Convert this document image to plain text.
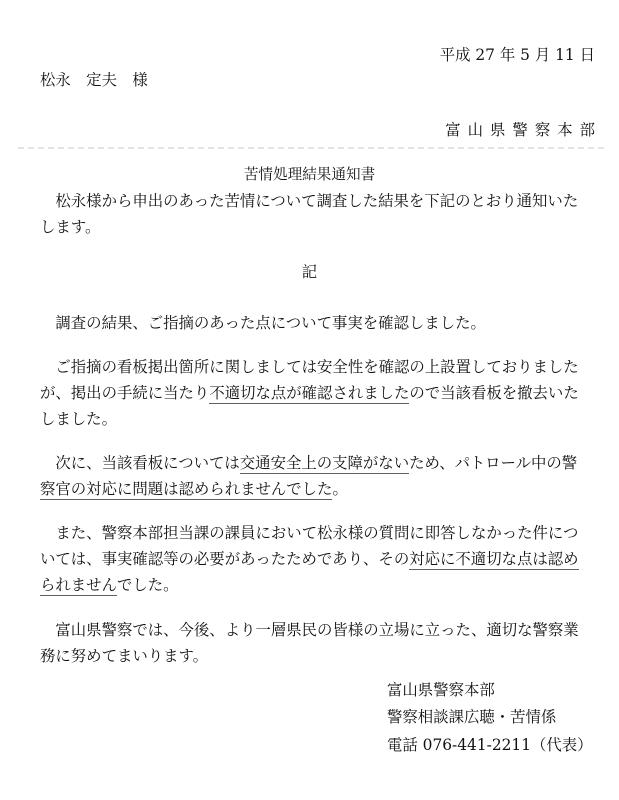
平成 27 年 5 月 11 日
松永　定夫　様
富山県警察本部
苦情処理結果通知書
　松永様から申出のあった苦情について調査した結果を下記のとおり通知いた
します。
記
　調査の結果、ご指摘のあった点について事実を確認しました。
　ご指摘の看板掲出箇所に関しましては安全性を確認の上設置しておりました
が、掲出の手続に当たり不適切な点が確認されましたので当該看板を撤去いた
しました。
　次に、当該看板については交通安全上の支障がないため、パトロール中の警
察官の対応に問題は認められませんでした。
　また、警察本部担当課の課員において松永様の質問に即答しなかった件につ
いては、事実確認等の必要があったためであり、その対応に不適切な点は認め
られませんでした。
　富山県警察では、今後、より一層県民の皆様の立場に立った、適切な警察業
務に努めてまいります。
富山県警察本部
警察相談課広聴・苦情係
電話 076-441-2211（代表）
